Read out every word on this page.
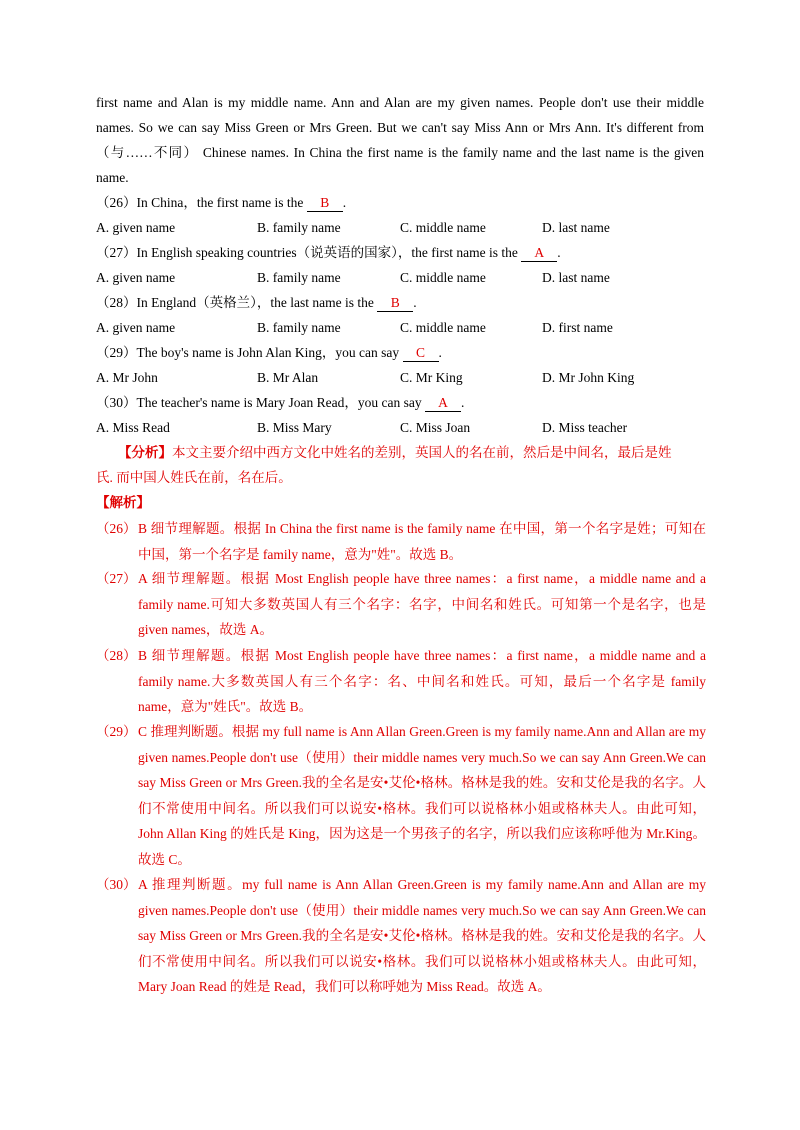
first name and Alan is my middle name. Ann and Alan are my given names. People don't use their middle
names. So we can say Miss Green or Mrs Green. But we can't say Miss Ann or Mrs Ann. It's different from
（与……不同） Chinese names. In China the first name is the family name and the last name is the given
name.
（26）In China，the first name is the B .
A. given name	B. family name	C. middle name	D. last name
（27）In English speaking countries（说英语的国家），the first name is the A .
A. given name	B. family name	C. middle name	D. last name
（28）In England（英格兰），the last name is the B .
A. given name	B. family name	C. middle name	D. first name
（29）The boy's name is John Alan King，you can say C .
A. Mr John	B. Mr Alan	C. Mr King	D. Mr John King
（30）The teacher's name is Mary Joan Read，you can say A .
A. Miss Read	B. Miss Mary	C. Miss Joan	D. Miss teacher
【分析】本文主要介绍中西方文化中姓名的差别，英国人的名在前，然后是中间名，最后是姓
氏. 而中国人姓氏在前，名在后。
【解析】
（26） B 细节理解题。根据 In China the first name is the family name 在中国，第一个名字是姓；可知在中国，第一个名字是 family name，意为"姓"。故选 B。
（27） A 细节理解题。根据 Most English people have three names：a first name，a middle name and a family name.可知大多数英国人有三个名字：名字，中间名和姓氏。可知第一个是名字，也是 given names，故选 A。
（28） B 细节理解题。根据 Most English people have three names：a first name，a middle name and a family name.大多数英国人有三个名字：名、中间名和姓氏。可知，最后一个名字是 family name，意为"姓氏"。故选 B。
（29） C 推理判断题。根据 my full name is Ann Allan Green.Green is my family name.Ann and Allan are my given names.People don't use（使用）their middle names very much.So we can say Ann Green.We can say Miss Green or Mrs Green.我的全名是安•艾伦•格林。格林是我的姓。安和艾伦是我的名字。人们不常使用中间名。所以我们可以说安•格林。我们可以说格林小姐或格林夫人。由此可知，John Allan King 的姓氏是 King，因为这是一个男孩子的名字，所以我们应该称呼他为 Mr.King。故选 C。
（30） A 推理判断题。my full name is Ann Allan Green.Green is my family name.Ann and Allan are my given names.People don't use（使用）their middle names very much.So we can say Ann Green.We can say Miss Green or Mrs Green.我的全名是安•艾伦•格林。格林是我的姓。安和艾伦是我的名字。人们不常使用中间名。所以我们可以说安•格林。我们可以说格林小姐或格林夫人。由此可知，Mary Joan Read 的姓是 Read，我们可以称呼她为 Miss Read。故选 A。
